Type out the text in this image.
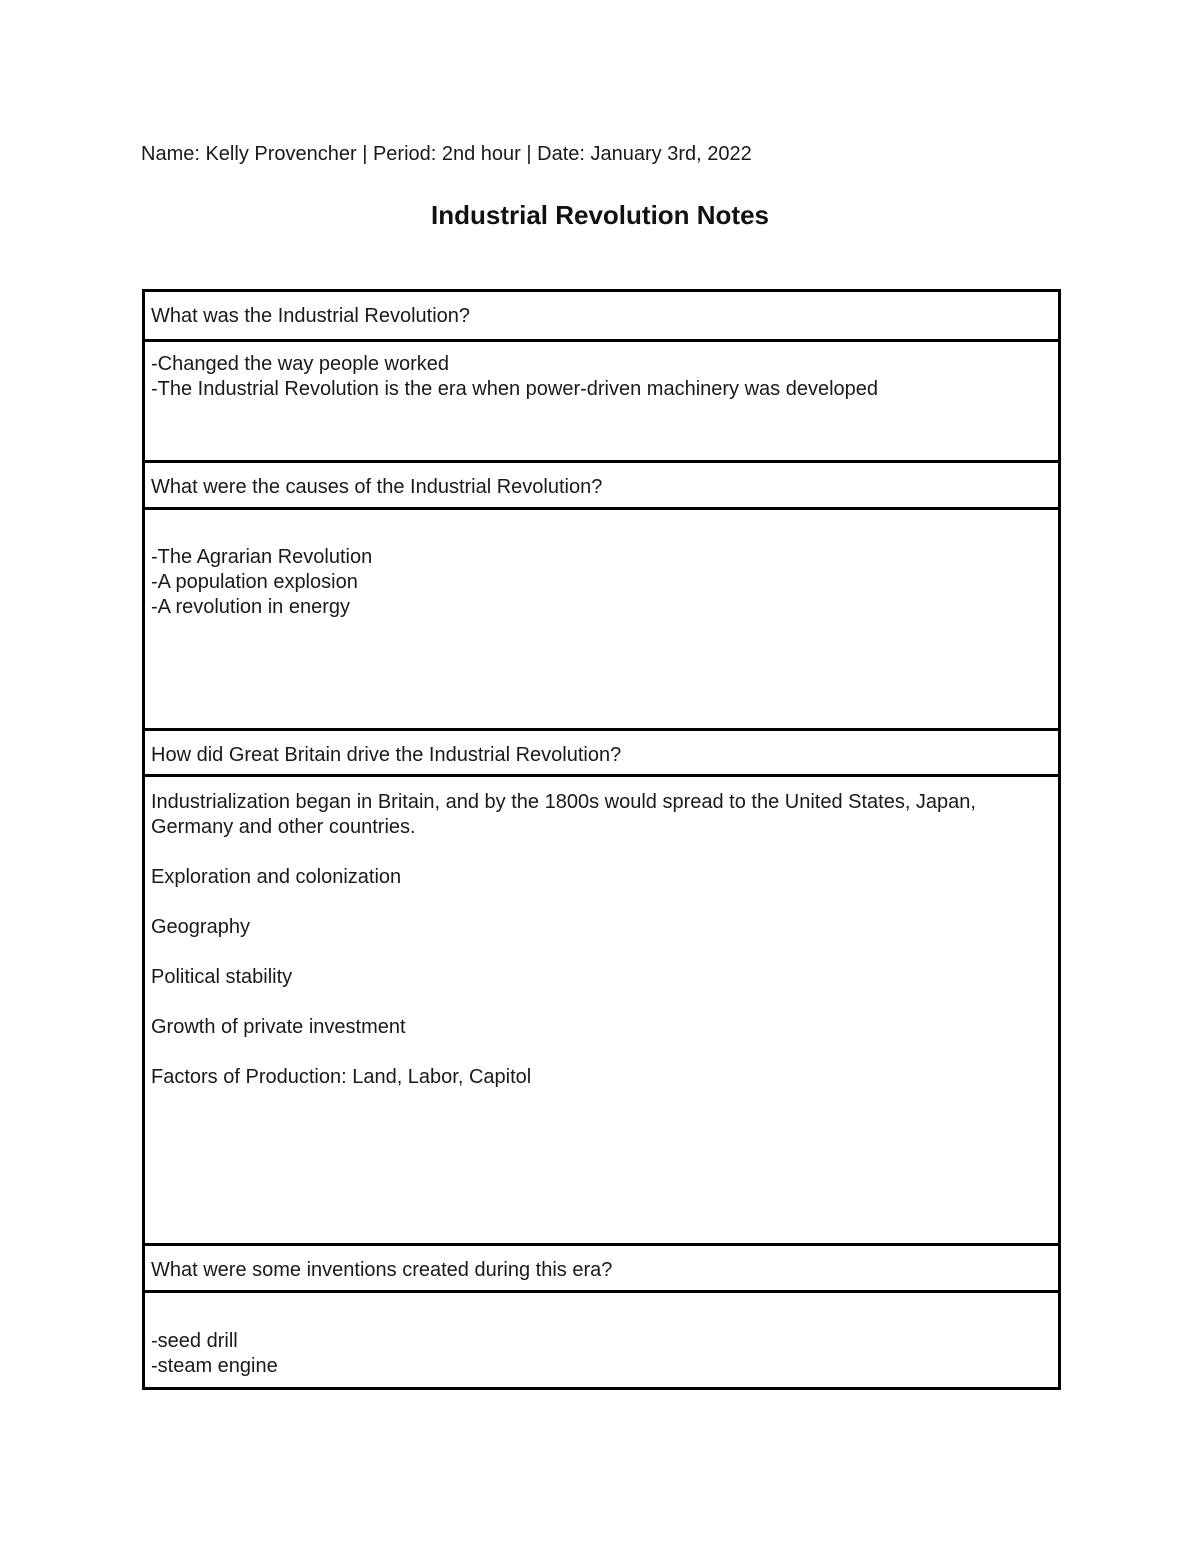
Name: Kelly Provencher | Period: 2nd hour | Date: January 3rd, 2022
Industrial Revolution Notes
What was the Industrial Revolution?
-Changed the way people worked
-The Industrial Revolution is the era when power-driven machinery was developed
What were the causes of the Industrial Revolution?
-The Agrarian Revolution
-A population explosion
-A revolution in energy
How did Great Britain drive the Industrial Revolution?
Industrialization began in Britain, and by the 1800s would spread to the United States, Japan, Germany and other countries.
Exploration and colonization
Geography
Political stability
Growth of private investment
Factors of Production: Land, Labor, Capitol
What were some inventions created during this era?
-seed drill
-steam engine
